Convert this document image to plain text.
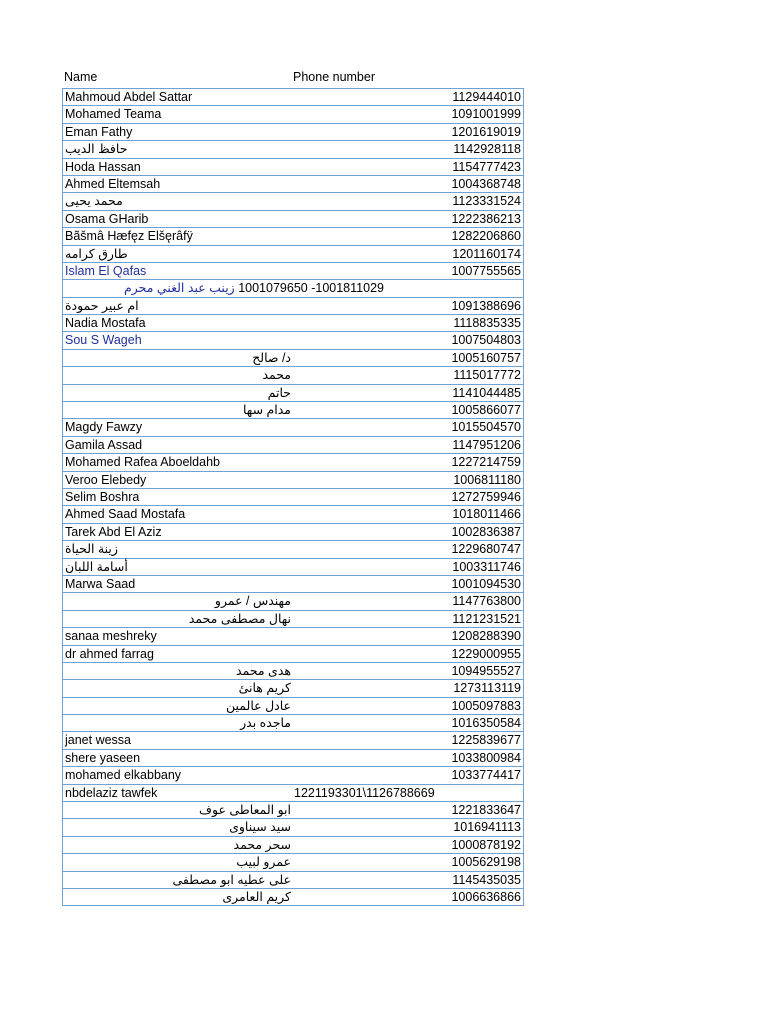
Name	Phone number
Mahmoud Abdel Sattar	1129444010
Mohamed Teama	1091001999
Eman Fathy	1201619019
حافظ الديب	1142928118
Hoda Hassan	1154777423
Ahmed Eltemsah	1004368748
محمد يحيى	1123331524
Osama GHarib	1222386213
Bãšmâ Hæfęz Elšęrâfÿ	1282206860
طارق كرامه	1201160174
Islam El Qafas	1007755565
1001811029- 1001079650 زينب عبد الغني محرم
ام عبير حمودة	1091388696
Nadia Mostafa	1118835335
Sou S Wageh	1007504803
د/ صالح	1005160757
محمد	1115017772
حاتم	1141044485
مدام سها	1005866077
Magdy Fawzy	1015504570
Gamila Assad	1147951206
Mohamed Rafea Aboeldahb	1227214759
Veroo Elebedy	1006811180
Selim Boshra	1272759946
Ahmed Saad Mostafa	1018011466
Tarek Abd El Aziz	1002836387
زينة الحياة	1229680747
أسامة اللبان	1003311746
Marwa Saad	1001094530
مهندس / عمرو	1147763800
نهال مصطفى محمد	1121231521
sanaa meshreky	1208288390
dr ahmed farrag	1229000955
هدى محمد	1094955527
كريم هانئ	1273113119
عادل عالمين	1005097883
ماجده بدر	1016350584
janet wessa	1225839677
shere yaseen	1033800984
mohamed elkabbany	1033774417
nbdelaziz tawfek	1221193301\1126788669
ابو المعاطى عوف	1221833647
سيد سيناوى	1016941113
سحر محمد	1000878192
عمرو لبيب	1005629198
على عطيه ابو مصطفى	1145435035
كريم العامرى	1006636866
